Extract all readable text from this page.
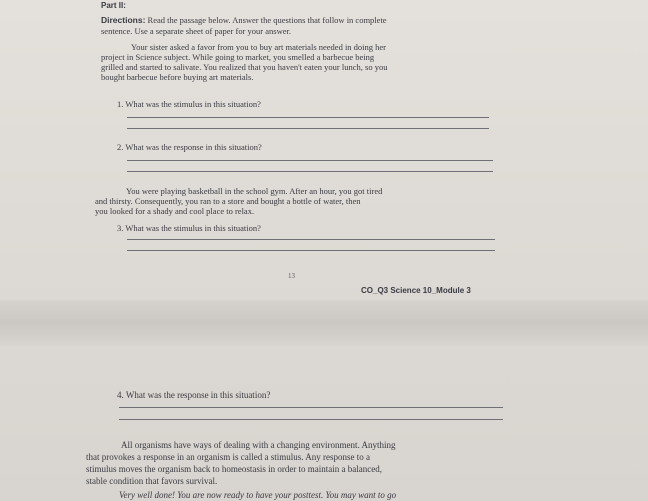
Part II:
Directions: Read the passage below. Answer the questions that follow in complete
sentence. Use a separate sheet of paper for your answer.
Your sister asked a favor from you to buy art materials needed in doing her
project in Science subject. While going to market, you smelled a barbecue being
grilled and started to salivate. You realized that you haven't eaten your lunch, so you
bought barbecue before buying art materials.
1. What was the stimulus in this situation?
2. What was the response in this situation?
You were playing basketball in the school gym. After an hour, you got tired
and thirsty. Consequently, you ran to a store and bought a bottle of water, then
you looked for a shady and cool place to relax.
3. What was the stimulus in this situation?
13
CO_Q3 Science 10_Module 3
4. What was the response in this situation?
All organisms have ways of dealing with a changing environment. Anything
that provokes a response in an organism is called a stimulus. Any response to a
stimulus moves the organism back to homeostasis in order to maintain a balanced,
stable condition that favors survival.
Very well done! You are now ready to have your posttest. You may want to go
